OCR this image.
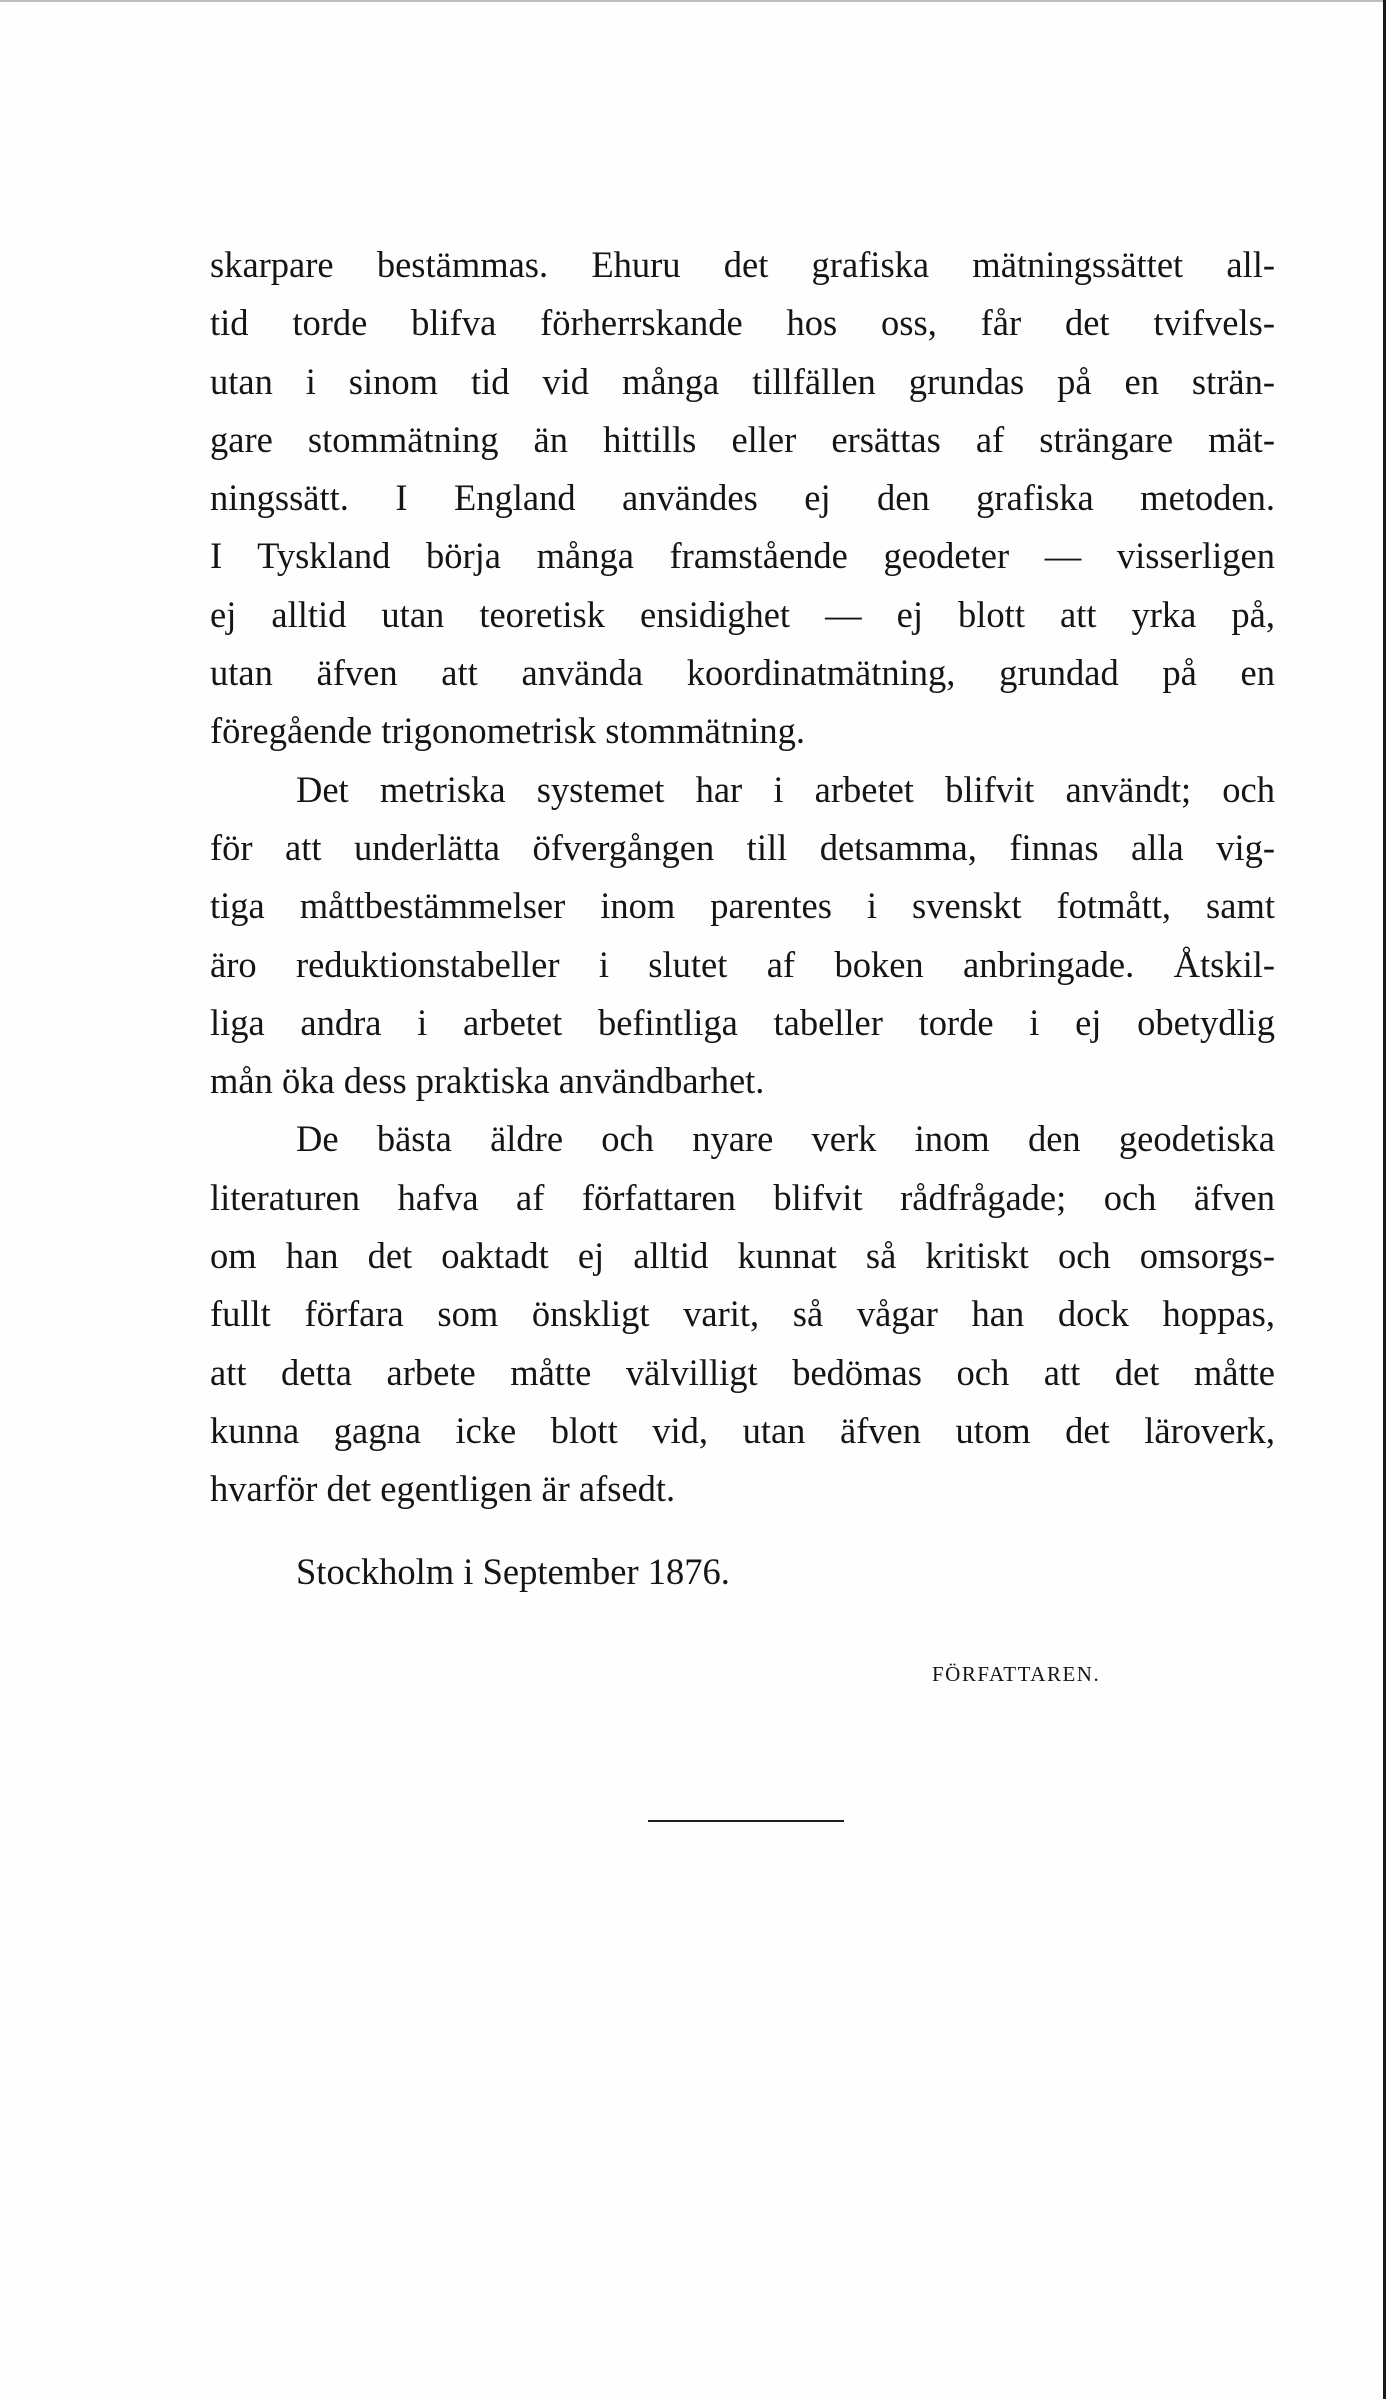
skarpare bestämmas. Ehuru det grafiska mätningssättet all-
tid torde blifva förherrskande hos oss, får det tvifvels-
utan i sinom tid vid många tillfällen grundas på en strän-
gare stommätning än hittills eller ersättas af strängare mät-
ningssätt. I England användes ej den grafiska metoden.
I Tyskland börja många framstående geodeter — visserligen
ej alltid utan teoretisk ensidighet — ej blott att yrka på,
utan äfven att använda koordinatmätning, grundad på en
föregående trigonometrisk stommätning.
Det metriska systemet har i arbetet blifvit användt; och
för att underlätta öfvergången till detsamma, finnas alla vig-
tiga måttbestämmelser inom parentes i svenskt fotmått, samt
äro reduktionstabeller i slutet af boken anbringade. Åtskil-
liga andra i arbetet befintliga tabeller torde i ej obetydlig
mån öka dess praktiska användbarhet.
De bästa äldre och nyare verk inom den geodetiska
literaturen hafva af författaren blifvit rådfrågade; och äfven
om han det oaktadt ej alltid kunnat så kritiskt och omsorgs-
fullt förfara som önskligt varit, så vågar han dock hoppas,
att detta arbete måtte välvilligt bedömas och att det måtte
kunna gagna icke blott vid, utan äfven utom det läroverk,
hvarför det egentligen är afsedt.
Stockholm i September 1876.
FÖRFATTAREN.
